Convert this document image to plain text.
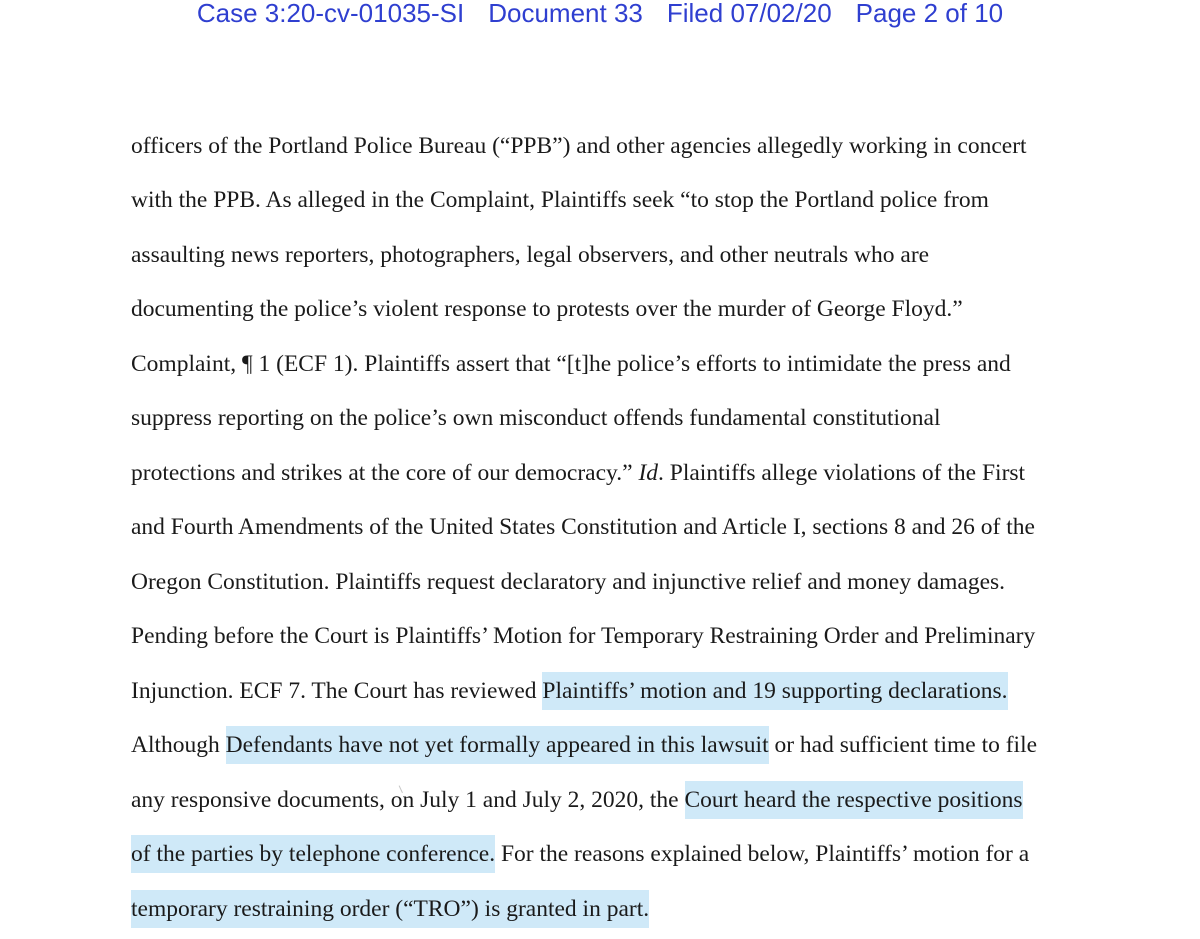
Case 3:20-cv-01035-SI Document 33 Filed 07/02/20 Page 2 of 10
officers of the Portland Police Bureau (“PPB”) and other agencies allegedly working in concert
with the PPB. As alleged in the Complaint, Plaintiffs seek “to stop the Portland police from
assaulting news reporters, photographers, legal observers, and other neutrals who are
documenting the police’s violent response to protests over the murder of George Floyd.”
Complaint, ¶ 1 (ECF 1). Plaintiffs assert that “[t]he police’s efforts to intimidate the press and
suppress reporting on the police’s own misconduct offends fundamental constitutional
protections and strikes at the core of our democracy.” Id. Plaintiffs allege violations of the First
and Fourth Amendments of the United States Constitution and Article I, sections 8 and 26 of the
Oregon Constitution. Plaintiffs request declaratory and injunctive relief and money damages.
Pending before the Court is Plaintiffs’ Motion for Temporary Restraining Order and Preliminary
Injunction. ECF 7. The Court has reviewed Plaintiffs’ motion and 19 supporting declarations.
Although Defendants have not yet formally appeared in this lawsuit or had sufficient time to file
any responsive documents, on July 1 and July 2, 2020, the Court heard the respective positions
of the parties by telephone conference. For the reasons explained below, Plaintiffs’ motion for a
temporary restraining order (“TRO”) is granted in part.
